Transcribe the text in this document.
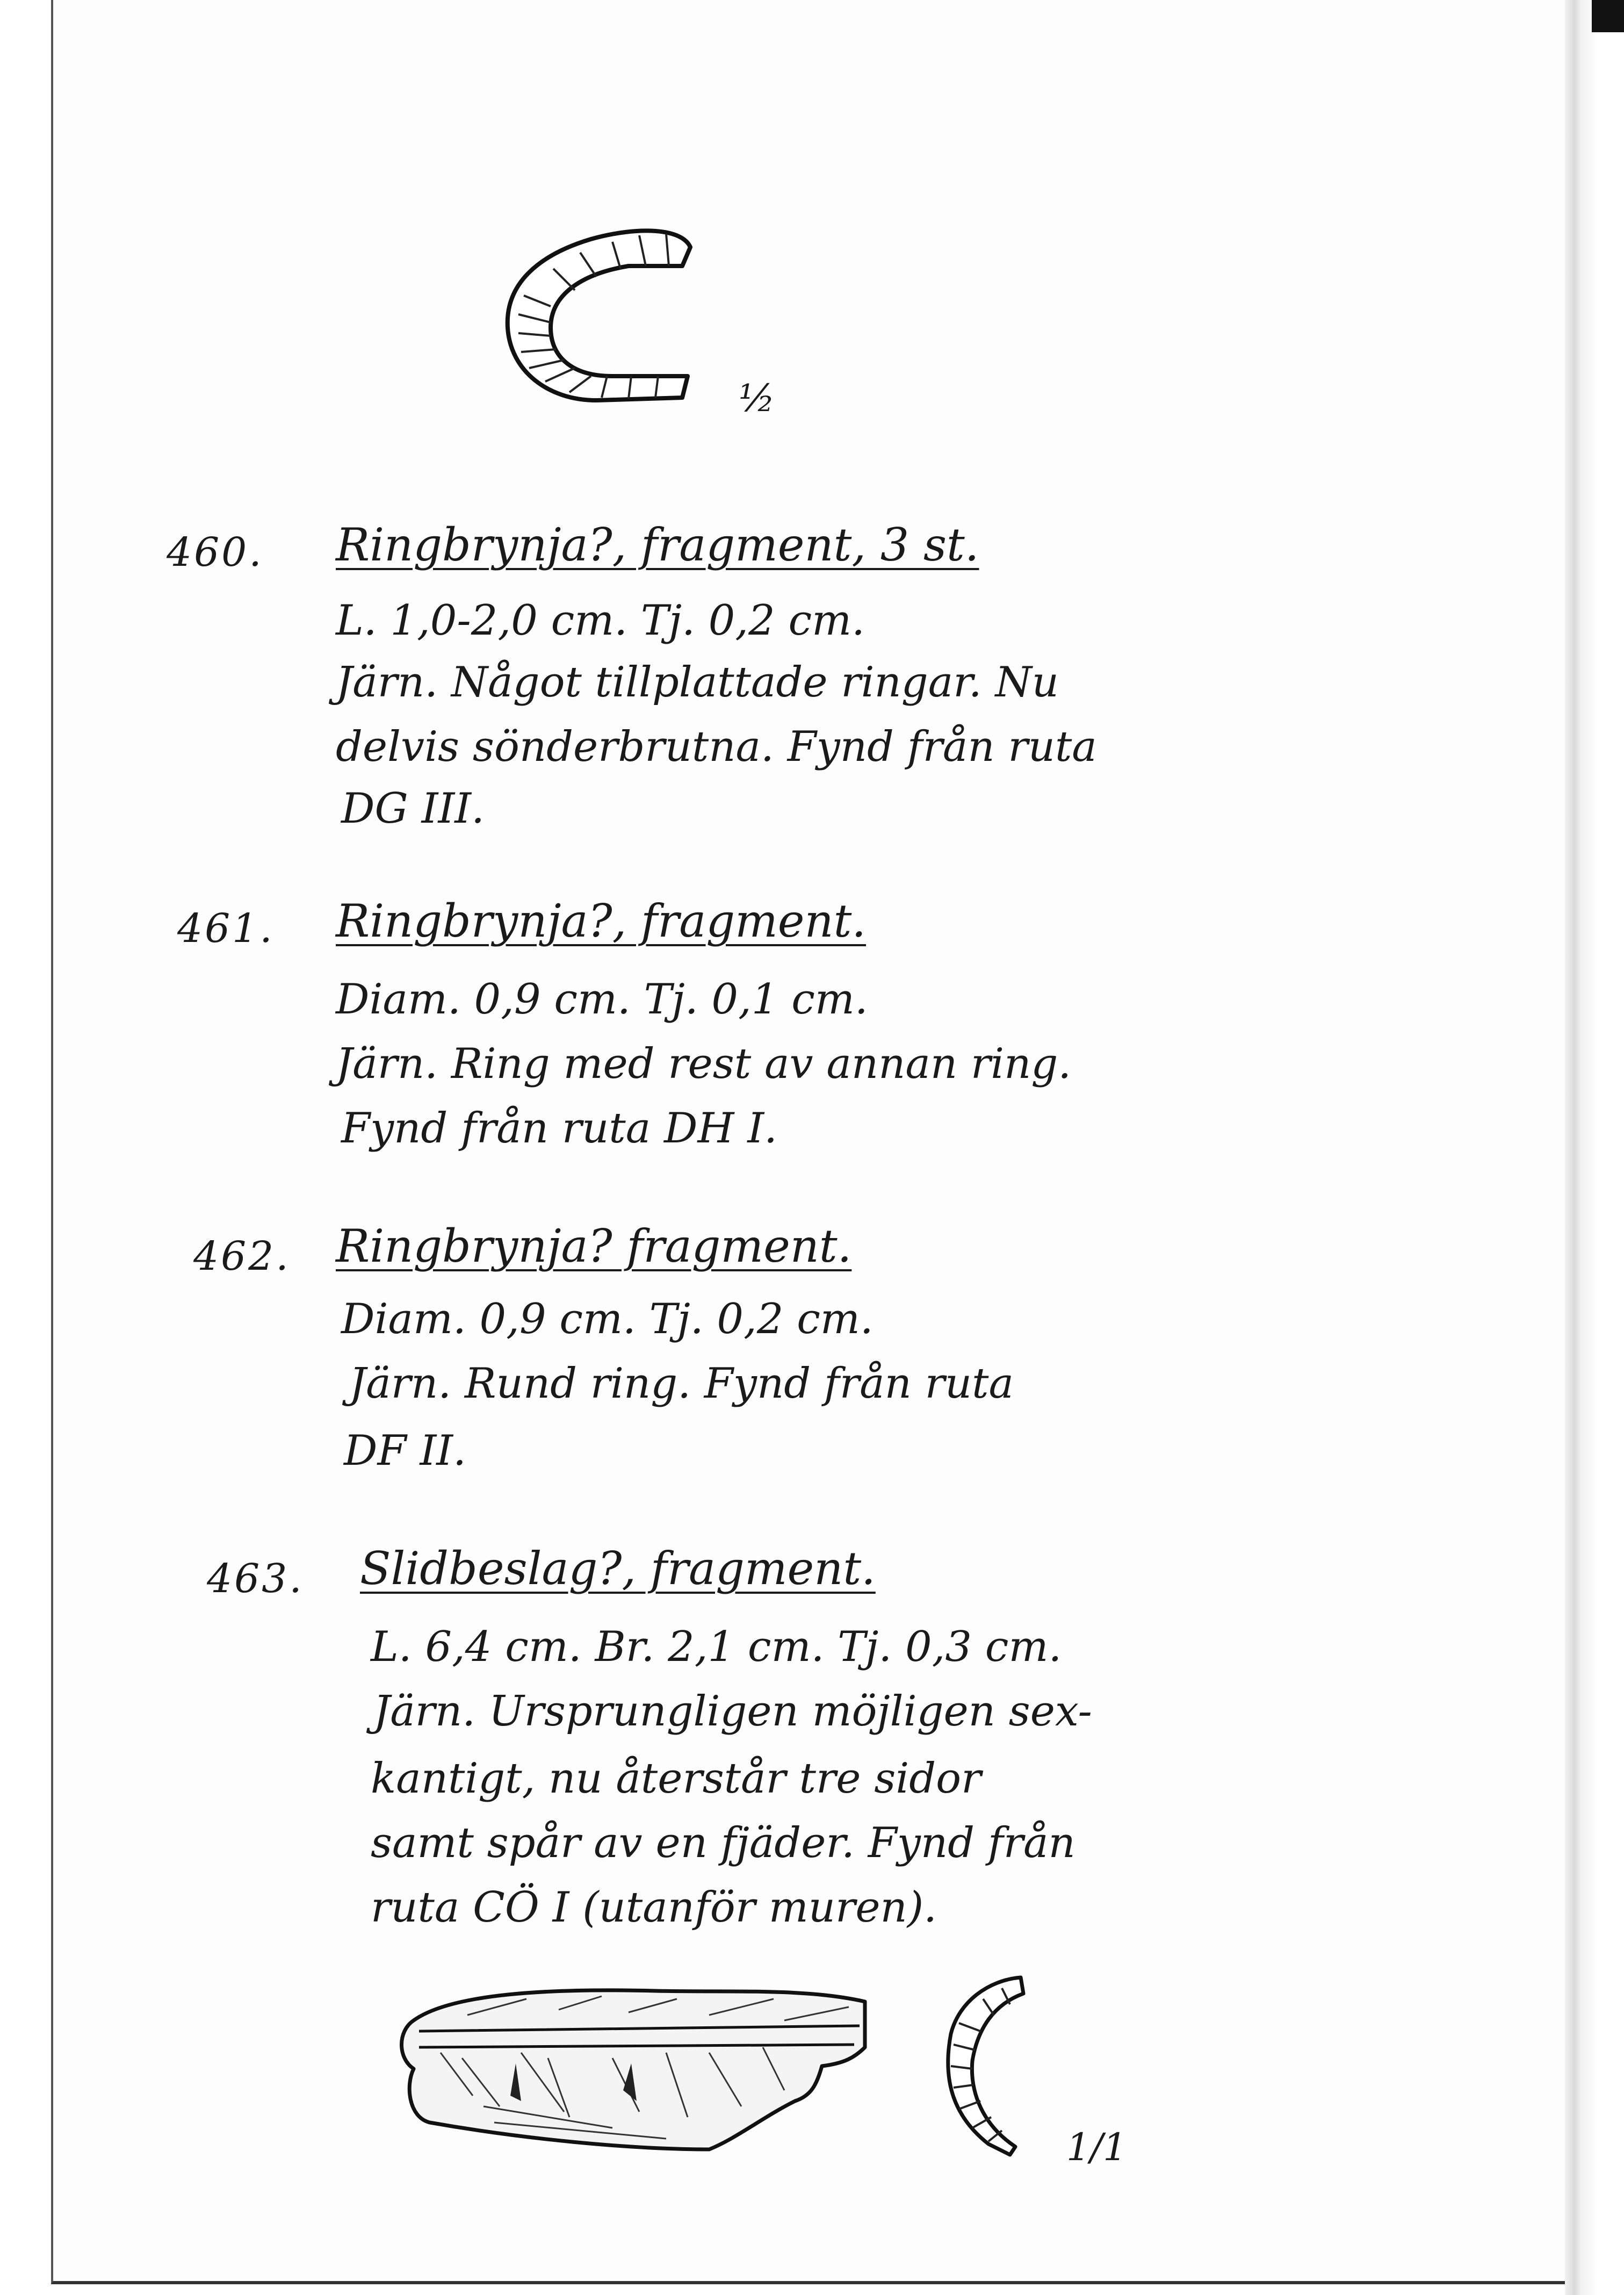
½
460. Ringbrynja?, fragment, 3 st.
L. 1,0-2,0 cm. Tj. 0,2 cm.
Järn. Något tillplattade ringar. Nu
delvis sönderbrutna. Fynd från ruta
DG III.
461. Ringbrynja?, fragment.
Diam. 0,9 cm. Tj. 0,1 cm.
Järn. Ring med rest av annan ring.
Fynd från ruta DH I.
462. Ringbrynja? fragment.
Diam. 0,9 cm. Tj. 0,2 cm.
Järn. Rund ring. Fynd från ruta
DF II.
463. Slidbeslag?, fragment.
L. 6,4 cm. Br. 2,1 cm. Tj. 0,3 cm.
Järn. Ursprungligen möjligen sex-
kantigt, nu återstår tre sidor
samt spår av en fjäder. Fynd från
ruta CÖ I (utanför muren).
1/1
